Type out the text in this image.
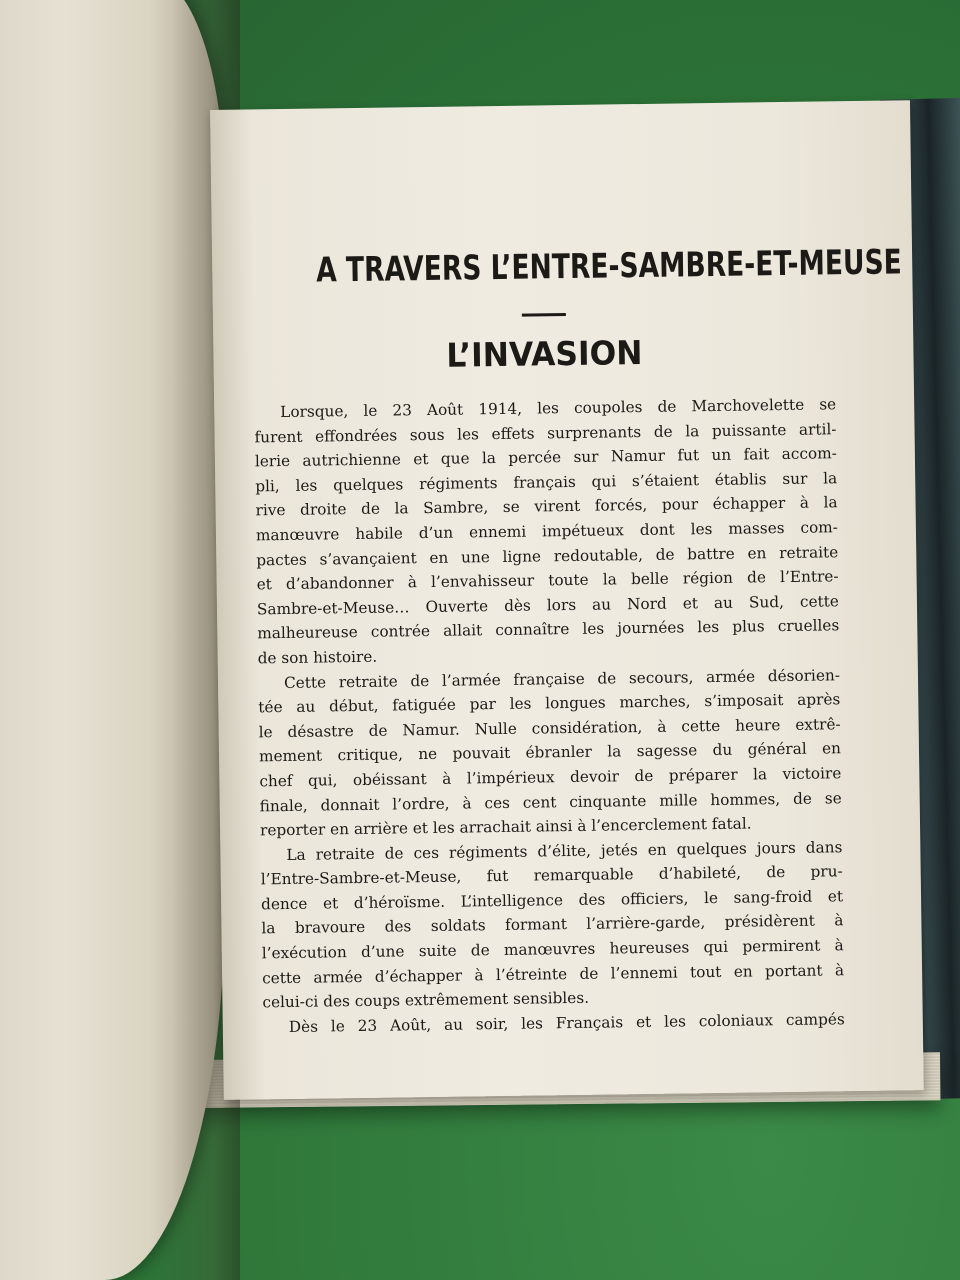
A TRAVERS L’ENTRE-SAMBRE-ET-MEUSE
L’INVASION

Lorsque, le 23 Août 1914, les coupoles de Marchovelette se
furent effondrées sous les effets surprenants de la puissante artil-
lerie autrichienne et que la percée sur Namur fut un fait accom-
pli, les quelques régiments français qui s’étaient établis sur la
rive droite de la Sambre, se virent forcés, pour échapper à la
manœuvre habile d’un ennemi impétueux dont les masses com-
pactes s’avançaient en une ligne redoutable, de battre en retraite
et d’abandonner à l’envahisseur toute la belle région de l’Entre-
Sambre-et-Meuse… Ouverte dès lors au Nord et au Sud, cette
malheureuse contrée allait connaître les journées les plus cruelles
de son histoire.

Cette retraite de l’armée française de secours, armée désorien-
tée au début, fatiguée par les longues marches, s’imposait après
le désastre de Namur. Nulle considération, à cette heure extrê-
mement critique, ne pouvait ébranler la sagesse du général en
chef qui, obéissant à l’impérieux devoir de préparer la victoire
finale, donnait l’ordre, à ces cent cinquante mille hommes, de se
reporter en arrière et les arrachait ainsi à l’encerclement fatal.

La retraite de ces régiments d’élite, jetés en quelques jours dans
l’Entre-Sambre-et-Meuse, fut remarquable d’habileté, de pru-
dence et d’héroïsme. L’intelligence des officiers, le sang-froid et
la bravoure des soldats formant l’arrière-garde, présidèrent à
l’exécution d’une suite de manœuvres heureuses qui permirent à
cette armée d’échapper à l’étreinte de l’ennemi tout en portant à
celui-ci des coups extrêmement sensibles.

Dès le 23 Août, au soir, les Français et les coloniaux campés
